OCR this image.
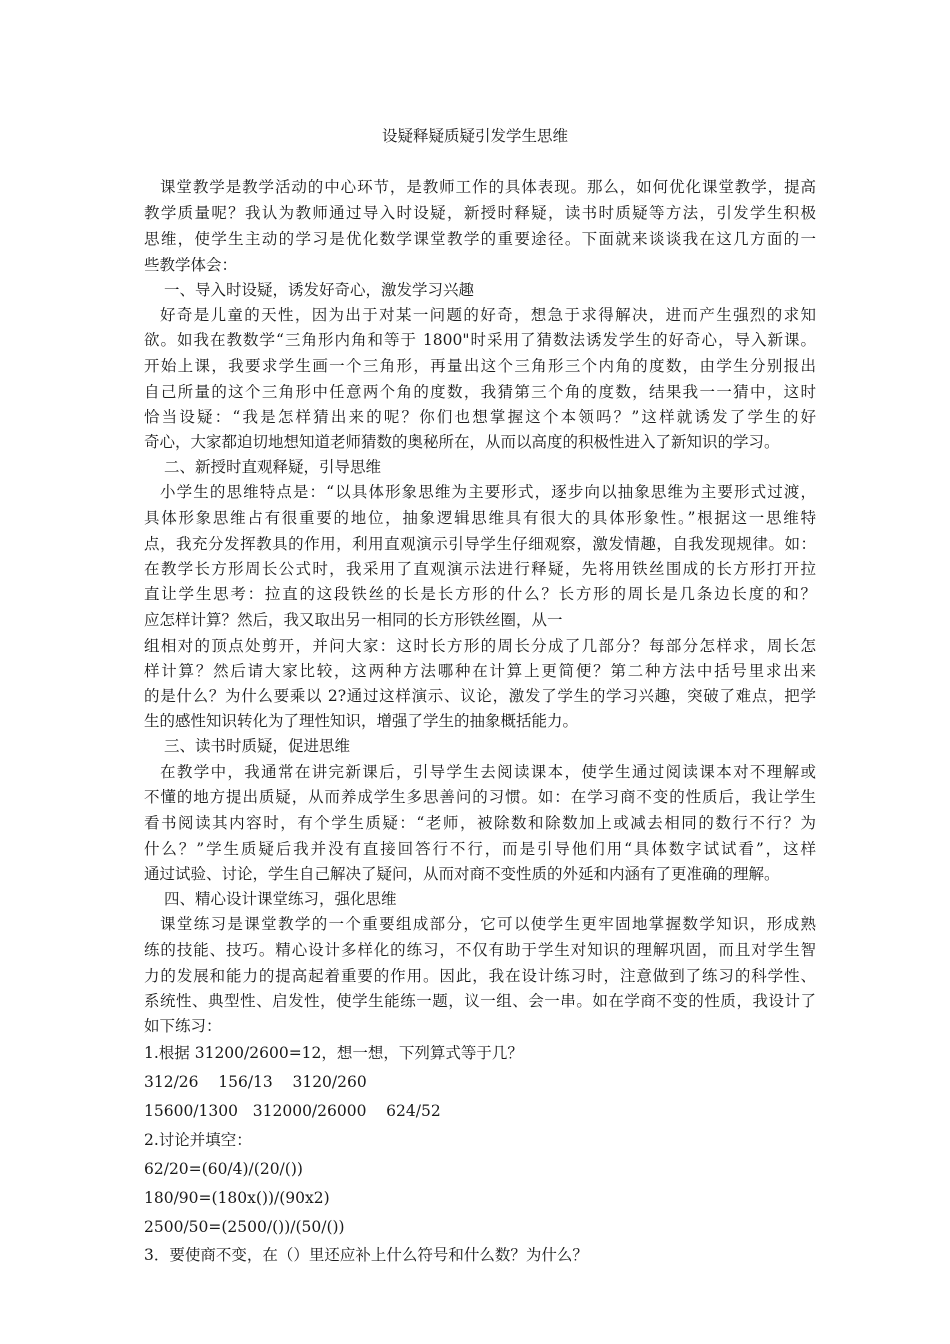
设疑释疑质疑引发学生思维
课堂教学是教学活动的中心环节，是教师工作的具体表现。那么，如何优化课堂教学，提高
教学质量呢？我认为教师通过导入时设疑，新授时释疑，读书时质疑等方法，引发学生积极
思维，使学生主动的学习是优化数学课堂教学的重要途径。下面就来谈谈我在这几方面的一
些教学体会：
一、导入时设疑，诱发好奇心，激发学习兴趣
好奇是儿童的天性，因为出于对某一问题的好奇，想急于求得解决，进而产生强烈的求知
欲。如我在教数学“三角形内角和等于 1800"时采用了猜数法诱发学生的好奇心，导入新课。
开始上课，我要求学生画一个三角形，再量出这个三角形三个内角的度数，由学生分别报出
自己所量的这个三角形中任意两个角的度数，我猜第三个角的度数，结果我一一猜中，这时
恰当设疑：“我是怎样猜出来的呢？你们也想掌握这个本领吗？”这样就诱发了学生的好
奇心，大家都迫切地想知道老师猜数的奥秘所在，从而以高度的积极性进入了新知识的学习。
二、新授时直观释疑，引导思维
小学生的思维特点是：“以具体形象思维为主要形式，逐步向以抽象思维为主要形式过渡，
具体形象思维占有很重要的地位，抽象逻辑思维具有很大的具体形象性。”根据这一思维特
点，我充分发挥教具的作用，利用直观演示引导学生仔细观察，激发情趣，自我发现规律。如：
在教学长方形周长公式时，我采用了直观演示法进行释疑，先将用铁丝围成的长方形打开拉
直让学生思考：拉直的这段铁丝的长是长方形的什么？长方形的周长是几条边长度的和？
应怎样计算？然后，我又取出另一相同的长方形铁丝圈，从一
组相对的顶点处剪开，并问大家：这时长方形的周长分成了几部分？每部分怎样求，周长怎
样计算？然后请大家比较，这两种方法哪种在计算上更简便？第二种方法中括号里求出来
的是什么？为什么要乘以 2?通过这样演示、议论，激发了学生的学习兴趣，突破了难点，把学
生的感性知识转化为了理性知识，增强了学生的抽象概括能力。
三、读书时质疑，促进思维
在教学中，我通常在讲完新课后，引导学生去阅读课本，使学生通过阅读课本对不理解或
不懂的地方提出质疑，从而养成学生多思善问的习惯。如：在学习商不变的性质后，我让学生
看书阅读其内容时，有个学生质疑：“老师，被除数和除数加上或减去相同的数行不行？为
什么？”学生质疑后我并没有直接回答行不行，而是引导他们用“具体数字试试看”，这样
通过试验、讨论，学生自己解决了疑问，从而对商不变性质的外延和内涵有了更准确的理解。
四、精心设计课堂练习，强化思维
课堂练习是课堂教学的一个重要组成部分，它可以使学生更牢固地掌握数学知识，形成熟
练的技能、技巧。精心设计多样化的练习，不仅有助于学生对知识的理解巩固，而且对学生智
力的发展和能力的提高起着重要的作用。因此，我在设计练习时，注意做到了练习的科学性、
系统性、典型性、启发性，使学生能练一题，议一组、会一串。如在学商不变的性质，我设计了
如下练习：
1.根据 31200/2600=12，想一想，下列算式等于几？
312/26    156/13    3120/260
15600/1300   312000/26000    624/52
2.讨论并填空：
62/20=(60/4)/(20/())
180/90=(180x())/(90x2)
2500/50=(2500/())/(50/())
3．要使商不变，在（）里还应补上什么符号和什么数？为什么？
